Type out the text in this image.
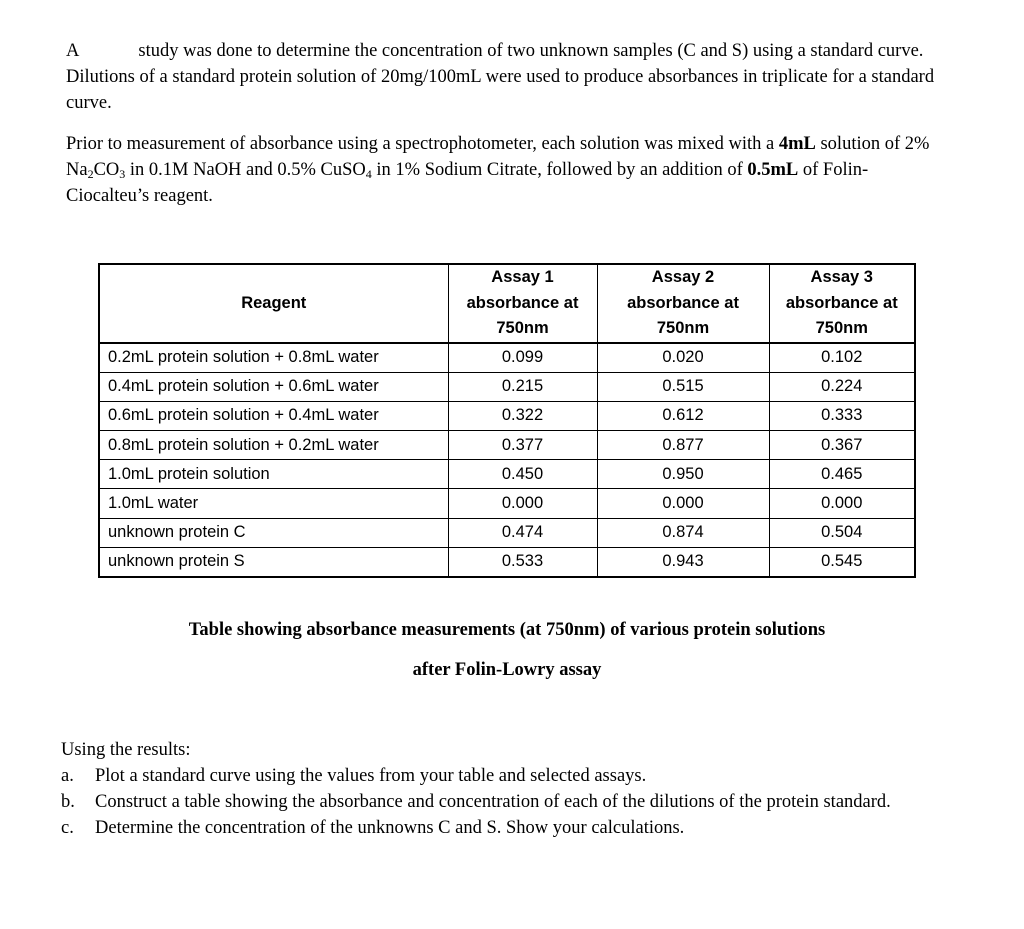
A	study was done to determine the concentration of two unknown samples (C and S) using a standard curve. Dilutions of a standard protein solution of 20mg/100mL were used to produce absorbances in triplicate for a standard curve.
Prior to measurement of absorbance using a spectrophotometer, each solution was mixed with a 4mL solution of 2% $Na_2CO_3$ in 0.1M NaOH and 0.5% CuSO$_4$ in 1% Sodium Citrate, followed by an addition of 0.5mL of Folin-Ciocalteu’s reagent.
Reagent	Assay 1 absorbance at 750nm	Assay 2 absorbance at 750nm	Assay 3 absorbance at 750nm
0.2mL protein solution + 0.8mL water	0.099	0.020	0.102
0.4mL protein solution + 0.6mL water	0.215	0.515	0.224
0.6mL protein solution + 0.4mL water	0.322	0.612	0.333
0.8mL protein solution + 0.2mL water	0.377	0.877	0.367
1.0mL protein solution	0.450	0.950	0.465
1.0mL water	0.000	0.000	0.000
unknown protein C	0.474	0.874	0.504
unknown protein S	0.533	0.943	0.545
Table showing absorbance measurements (at 750nm) of various protein solutions
after Folin-Lowry assay
Using the results:
a. Plot a standard curve using the values from your table and selected assays.
b. Construct a table showing the absorbance and concentration of each of the dilutions of the protein standard.
c. Determine the concentration of the unknowns C and S. Show your calculations.
